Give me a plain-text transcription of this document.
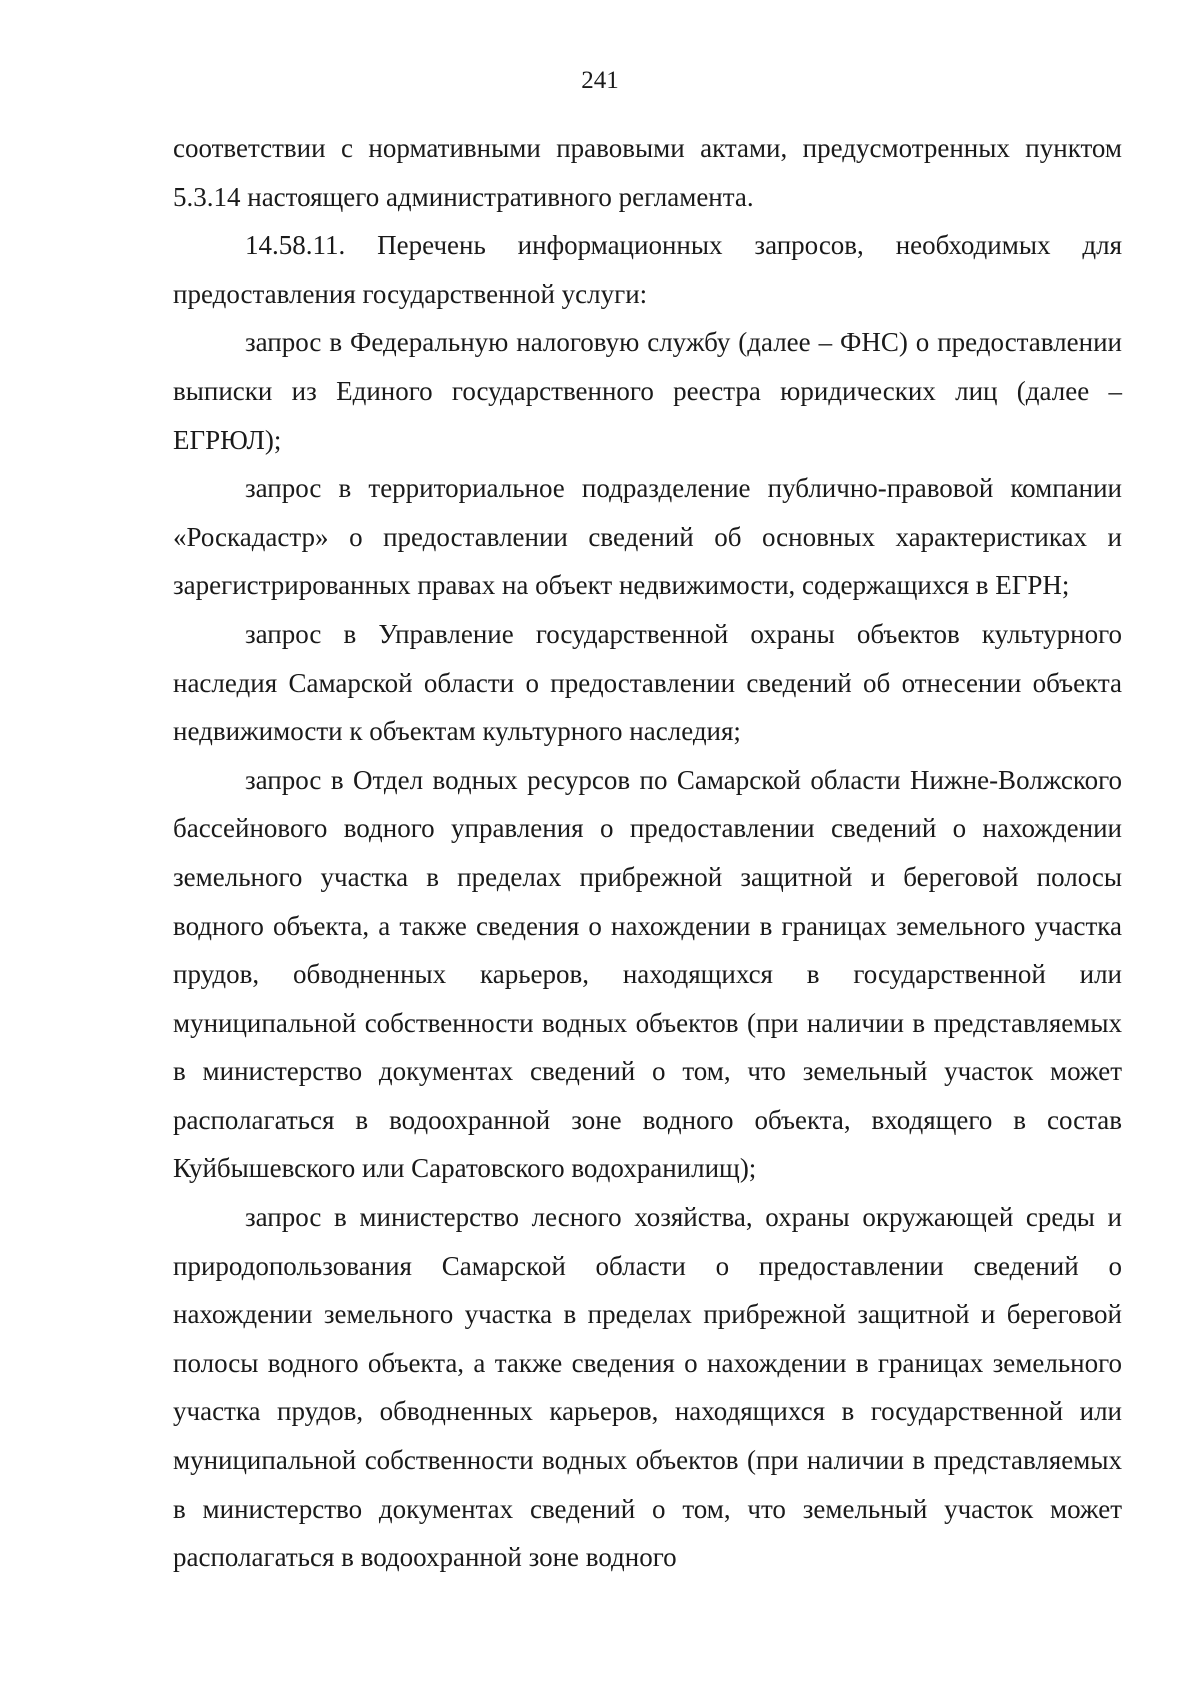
241

соответствии с нормативными правовыми актами, предусмотренных пунктом 5.3.14 настоящего административного регламента.

14.58.11. Перечень информационных запросов, необходимых для предоставления государственной услуги:

запрос в Федеральную налоговую службу (далее – ФНС) о предоставлении выписки из Единого государственного реестра юридических лиц (далее – ЕГРЮЛ);

запрос в территориальное подразделение публично-правовой компании «Роскадастр» о предоставлении сведений об основных характеристиках и зарегистрированных правах на объект недвижимости, содержащихся в ЕГРН;

запрос в Управление государственной охраны объектов культурного наследия Самарской области о предоставлении сведений об отнесении объекта недвижимости к объектам культурного наследия;

запрос в Отдел водных ресурсов по Самарской области Нижне-Волжского бассейнового водного управления о предоставлении сведений о нахождении земельного участка в пределах прибрежной защитной и береговой полосы водного объекта, а также сведения о нахождении в границах земельного участка прудов, обводненных карьеров, находящихся в государственной или муниципальной собственности водных объектов (при наличии в представляемых в министерство документах сведений о том, что земельный участок может располагаться в водоохранной зоне водного объекта, входящего в состав Куйбышевского или Саратовского водохранилищ);

запрос в министерство лесного хозяйства, охраны окружающей среды и природопользования Самарской области о предоставлении сведений о нахождении земельного участка в пределах прибрежной защитной и береговой полосы водного объекта, а также сведения о нахождении в границах земельного участка прудов, обводненных карьеров, находящихся в государственной или муниципальной собственности водных объектов (при наличии в представляемых в министерство документах сведений о том, что земельный участок может располагаться в водоохранной зоне водного
